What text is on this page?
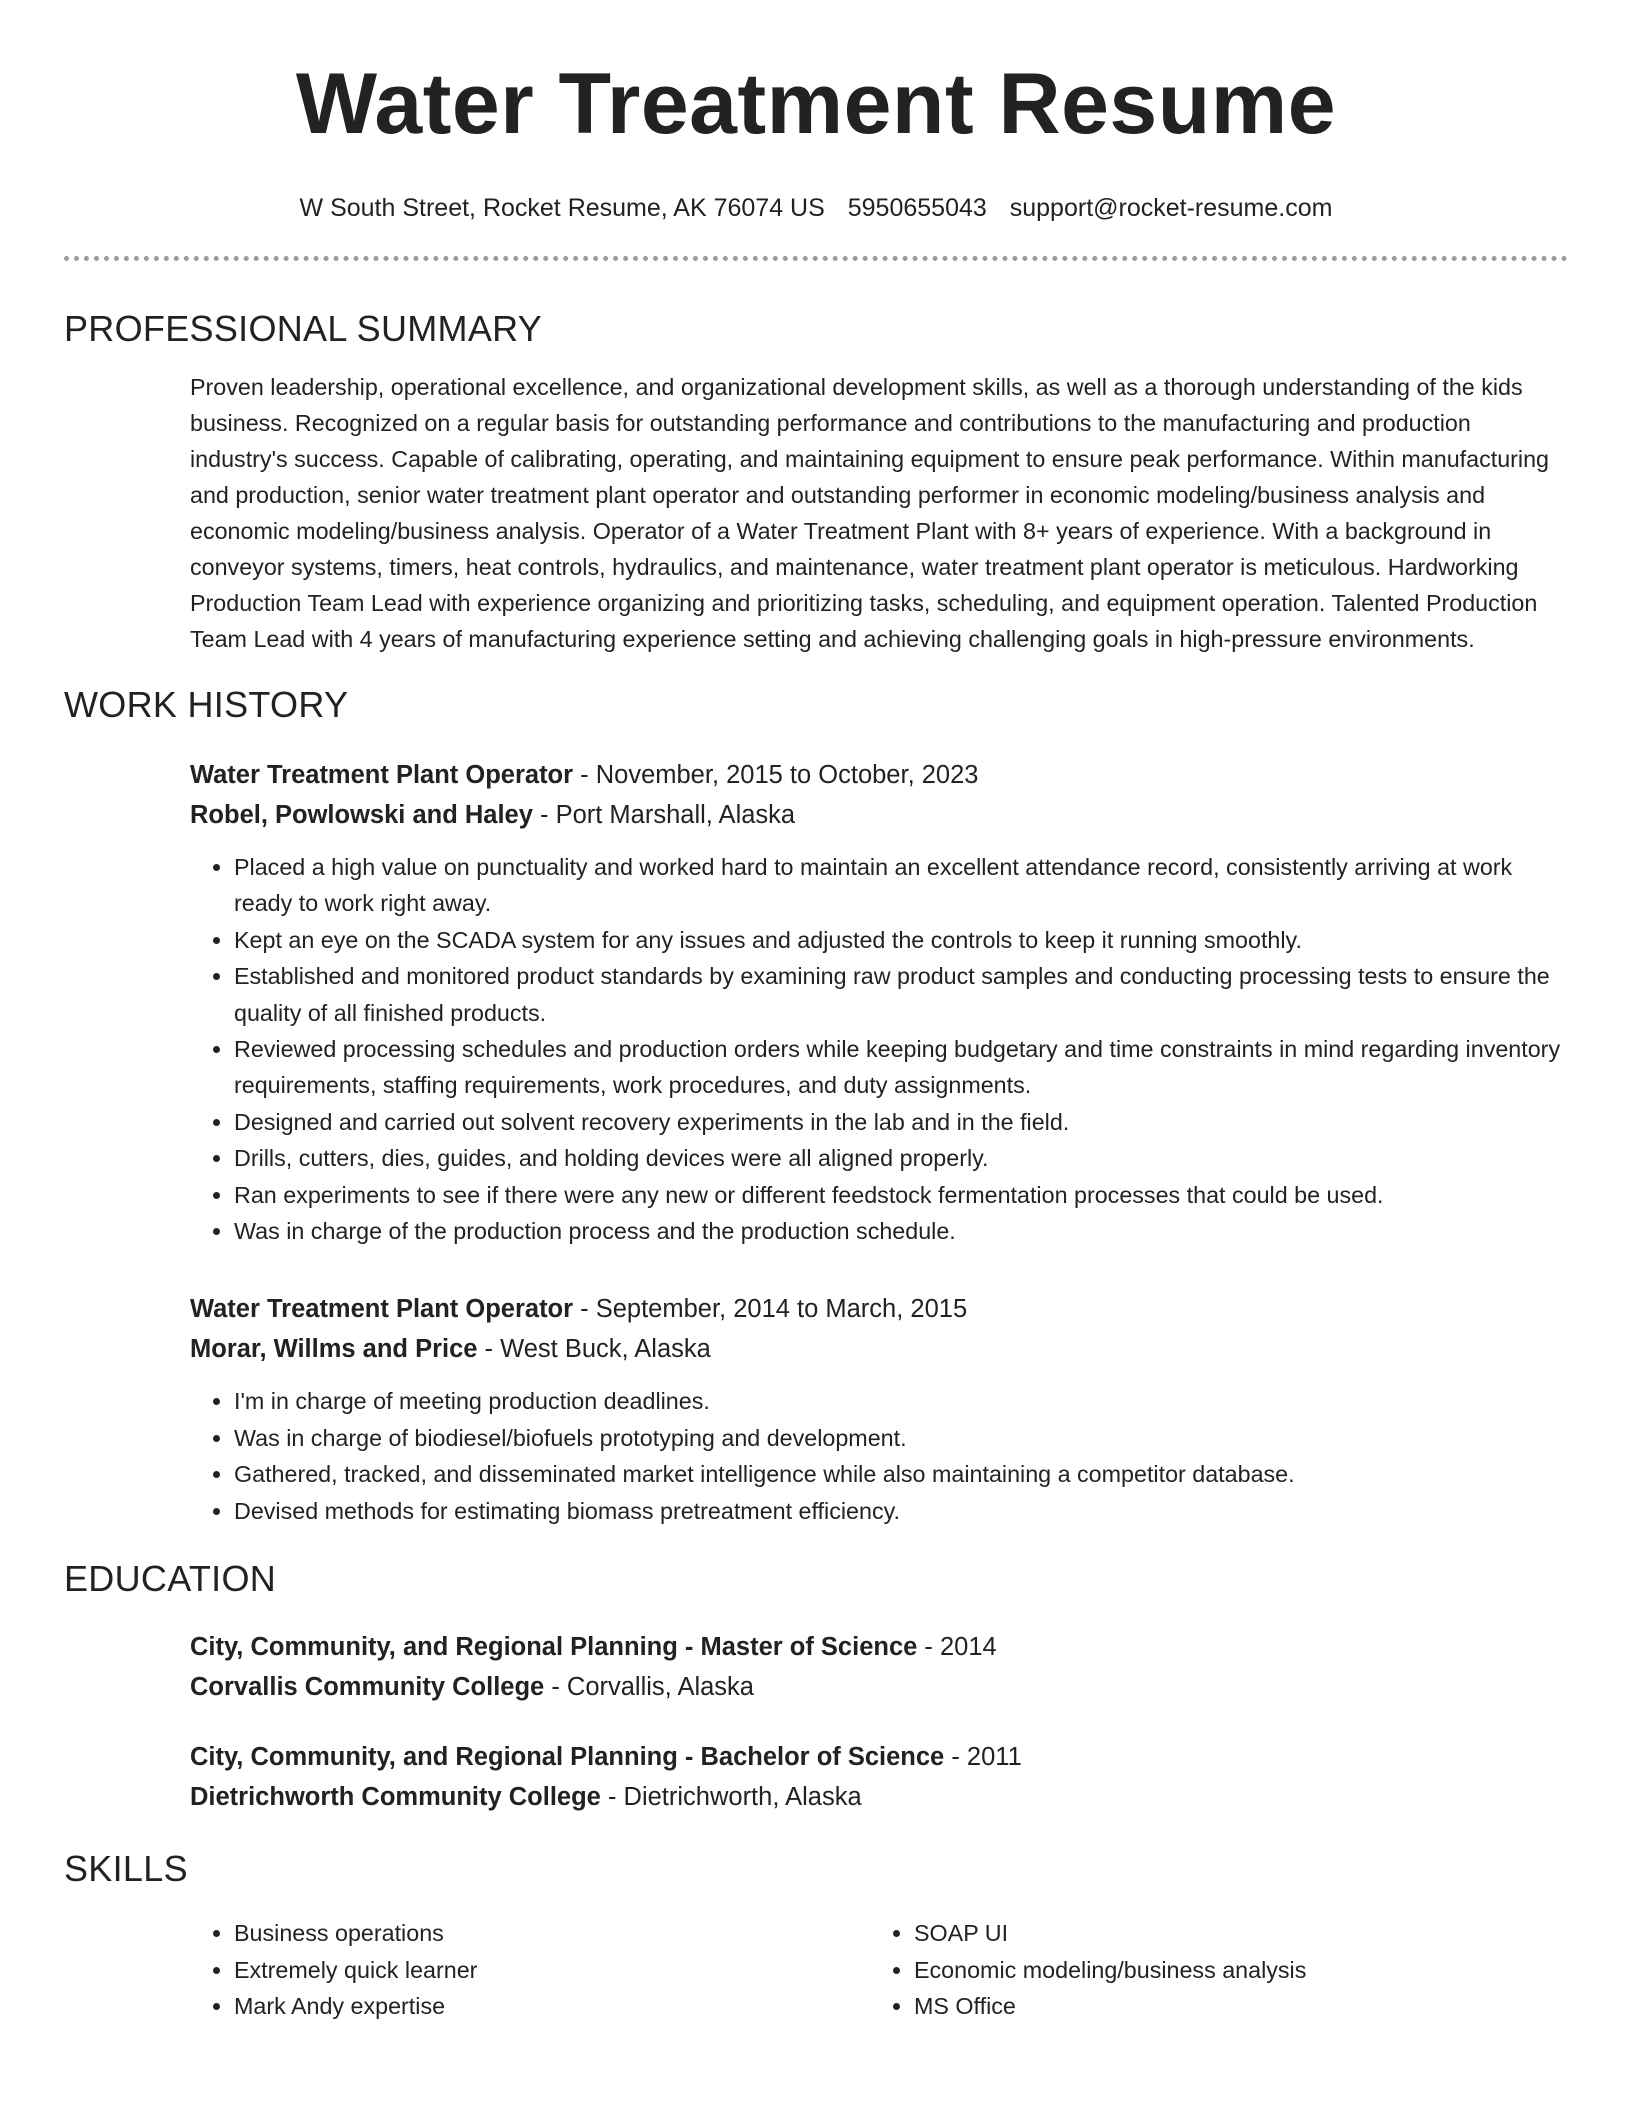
Water Treatment Resume
W South Street, Rocket Resume, AK 76074 US 5950655043 support@rocket-resume.com
PROFESSIONAL SUMMARY
Proven leadership, operational excellence, and organizational development skills, as well as a thorough understanding of the kids business. Recognized on a regular basis for outstanding performance and contributions to the manufacturing and production industry's success. Capable of calibrating, operating, and maintaining equipment to ensure peak performance. Within manufacturing and production, senior water treatment plant operator and outstanding performer in economic modeling/business analysis and economic modeling/business analysis. Operator of a Water Treatment Plant with 8+ years of experience. With a background in conveyor systems, timers, heat controls, hydraulics, and maintenance, water treatment plant operator is meticulous. Hardworking Production Team Lead with experience organizing and prioritizing tasks, scheduling, and equipment operation. Talented Production Team Lead with 4 years of manufacturing experience setting and achieving challenging goals in high-pressure environments.
WORK HISTORY
Water Treatment Plant Operator - November, 2015 to October, 2023
Robel, Powlowski and Haley - Port Marshall, Alaska
• Placed a high value on punctuality and worked hard to maintain an excellent attendance record, consistently arriving at work ready to work right away.
• Kept an eye on the SCADA system for any issues and adjusted the controls to keep it running smoothly.
• Established and monitored product standards by examining raw product samples and conducting processing tests to ensure the quality of all finished products.
• Reviewed processing schedules and production orders while keeping budgetary and time constraints in mind regarding inventory requirements, staffing requirements, work procedures, and duty assignments.
• Designed and carried out solvent recovery experiments in the lab and in the field.
• Drills, cutters, dies, guides, and holding devices were all aligned properly.
• Ran experiments to see if there were any new or different feedstock fermentation processes that could be used.
• Was in charge of the production process and the production schedule.
Water Treatment Plant Operator - September, 2014 to March, 2015
Morar, Willms and Price - West Buck, Alaska
• I'm in charge of meeting production deadlines.
• Was in charge of biodiesel/biofuels prototyping and development.
• Gathered, tracked, and disseminated market intelligence while also maintaining a competitor database.
• Devised methods for estimating biomass pretreatment efficiency.
EDUCATION
City, Community, and Regional Planning - Master of Science - 2014
Corvallis Community College - Corvallis, Alaska
City, Community, and Regional Planning - Bachelor of Science - 2011
Dietrichworth Community College - Dietrichworth, Alaska
SKILLS
• Business operations
• Extremely quick learner
• Mark Andy expertise
• SOAP UI
• Economic modeling/business analysis
• MS Office
